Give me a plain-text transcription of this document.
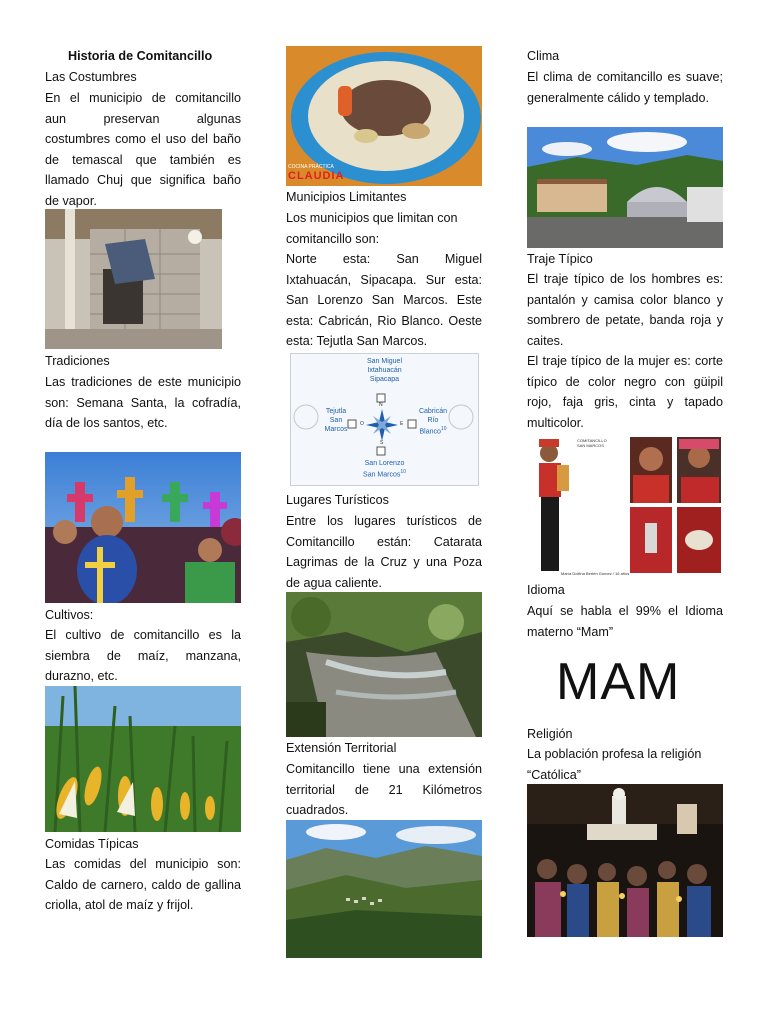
Historia de Comitancillo

Las Costumbres

En el municipio de comitancillo aun preservan algunas costumbres como el uso del baño de temascal que también es llamado Chuj que significa baño de vapor.

Tradiciones

Las tradiciones de este municipio son: Semana Santa, la cofradía, día de los santos, etc.

Cultivos:

El cultivo de comitancillo es la siembra de maíz, manzana, durazno, etc.

Comidas Típicas

Las comidas del municipio son: Caldo de carnero, caldo de gallina criolla, atol de maíz y frijol.

COCINA PRÁCTICA
CLAUDIA

Municipios Limitantes

Los municipios que limitan con comitancillo son:

Norte esta: San Miguel Ixtahuacán, Sipacapa. Sur esta: San Lorenzo San Marcos. Este esta: Cabricán, Rio Blanco. Oeste esta: Tejutla San Marcos.

San Miguel
Ixtahuacán
Sipacapa
Tejutla
San
Marcos
Cabricán
Río
Blanco$^{10}$
San Lorenzo
San Marcos$^{10}$
N
S
O	E

Lugares Turísticos

Entre los lugares turísticos de Comitancillo están: Catarata Lagrimas de la Cruz y una Poza de agua caliente.

Extensión Territorial

Comitancillo tiene una extensión territorial de 21 Kilómetros cuadrados.

Clima

El clima de comitancillo es suave; generalmente cálido y templado.

Traje Típico

El traje típico de los hombres es: pantalón y camisa color blanco y sombrero de petate, banda roja y caites.

El traje típico de la mujer es: corte típico de color negro con güipil rojo, faja gris, cinta y tapado multicolor.

COMITANCILLO
SAN MARCOS
María Dolfina Bertén Gómez / 16 años

Idioma

Aquí se habla el 99% el Idioma materno “Mam”

MAM

Religión

La población profesa la religión “Católica”
